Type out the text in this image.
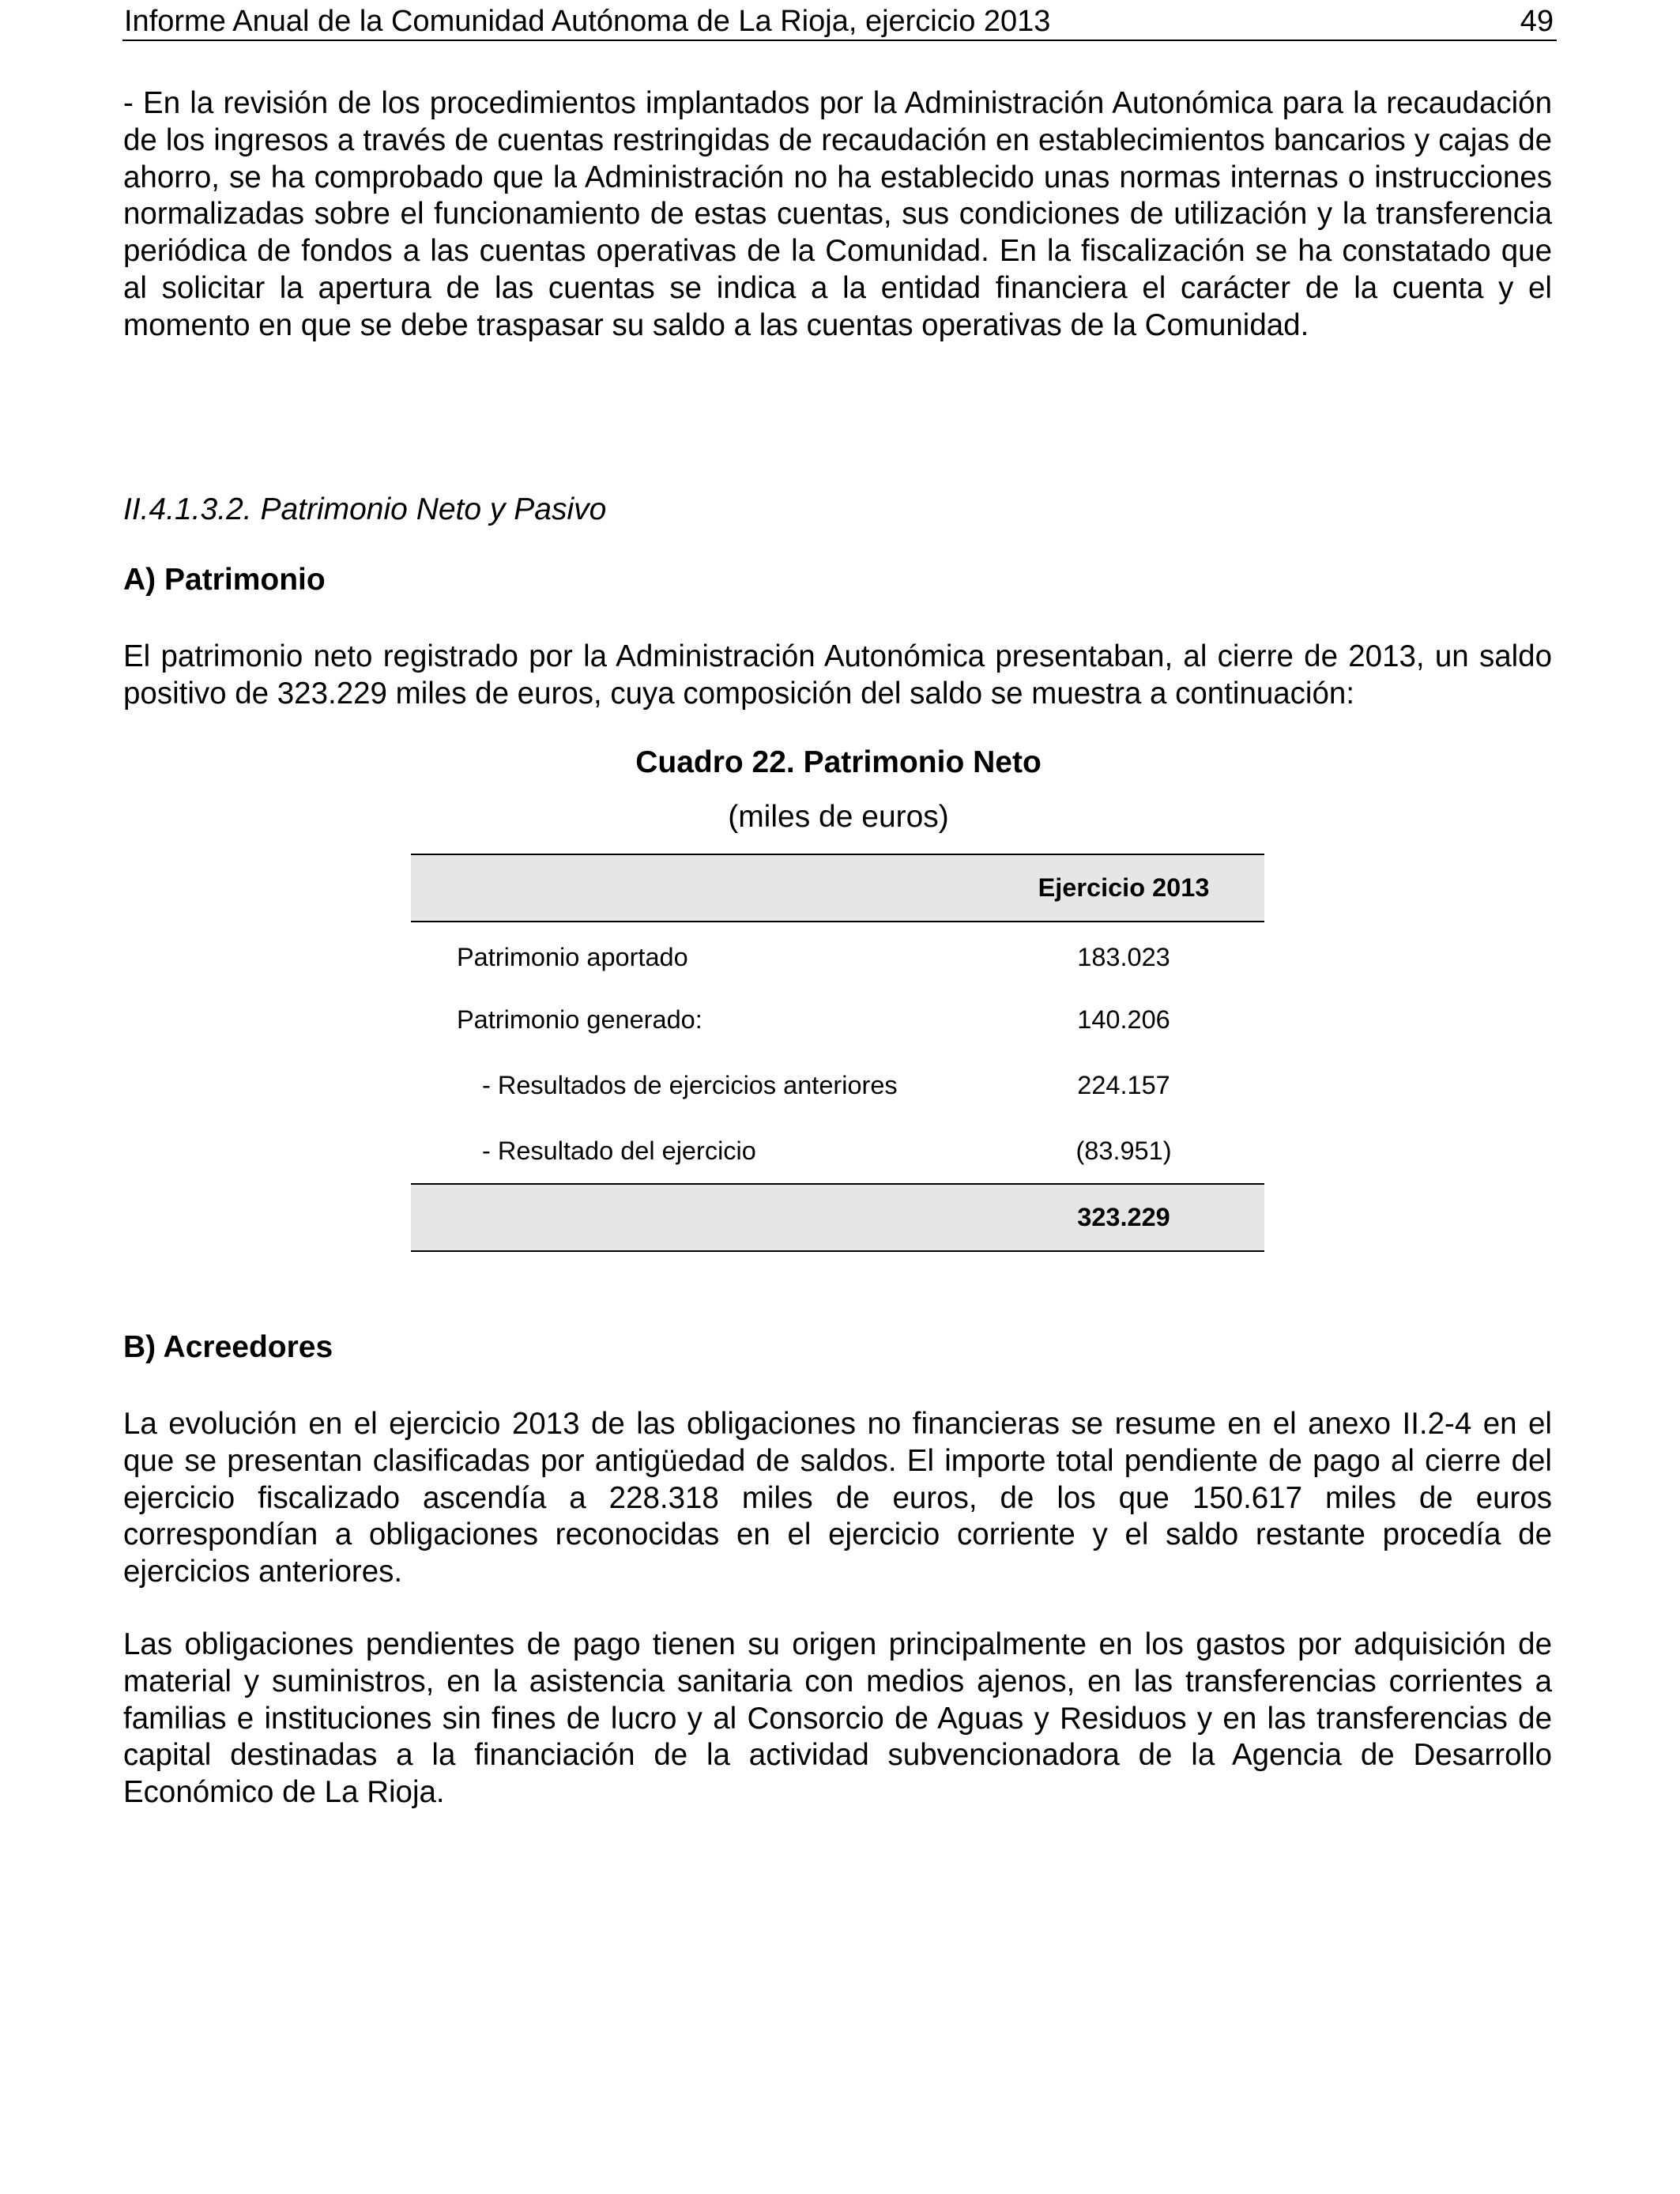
Informe Anual de la Comunidad Autónoma de La Rioja, ejercicio 2013	49

- En la revisión de los procedimientos implantados por la Administración Autonómica para la recaudación de los ingresos a través de cuentas restringidas de recaudación en establecimientos bancarios y cajas de ahorro, se ha comprobado que la Administración no ha establecido unas normas internas o instrucciones normalizadas sobre el funcionamiento de estas cuentas, sus condiciones de utilización y la transferencia periódica de fondos a las cuentas operativas de la Comunidad. En la fiscalización se ha constatado que al solicitar la apertura de las cuentas se indica a la entidad financiera el carácter de la cuenta y el momento en que se debe traspasar su saldo a las cuentas operativas de la Comunidad.

II.4.1.3.2. Patrimonio Neto y Pasivo

A) Patrimonio

El patrimonio neto registrado por la Administración Autonómica presentaban, al cierre de 2013, un saldo positivo de 323.229 miles de euros, cuya composición del saldo se muestra a continuación:

Cuadro 22. Patrimonio Neto

(miles de euros)

	Ejercicio 2013
Patrimonio aportado	183.023
Patrimonio generado:	140.206
- Resultados de ejercicios anteriores	224.157
- Resultado del ejercicio	(83.951)
	323.229

B) Acreedores

La evolución en el ejercicio 2013 de las obligaciones no financieras se resume en el anexo II.2-4 en el que se presentan clasificadas por antigüedad de saldos. El importe total pendiente de pago al cierre del ejercicio fiscalizado ascendía a 228.318 miles de euros, de los que 150.617 miles de euros correspondían a obligaciones reconocidas en el ejercicio corriente y el saldo restante procedía de ejercicios anteriores.

Las obligaciones pendientes de pago tienen su origen principalmente en los gastos por adquisición de material y suministros, en la asistencia sanitaria con medios ajenos, en las transferencias corrientes a familias e instituciones sin fines de lucro y al Consorcio de Aguas y Residuos y en las transferencias de capital destinadas a la financiación de la actividad subvencionadora de la Agencia de Desarrollo Económico de La Rioja.
